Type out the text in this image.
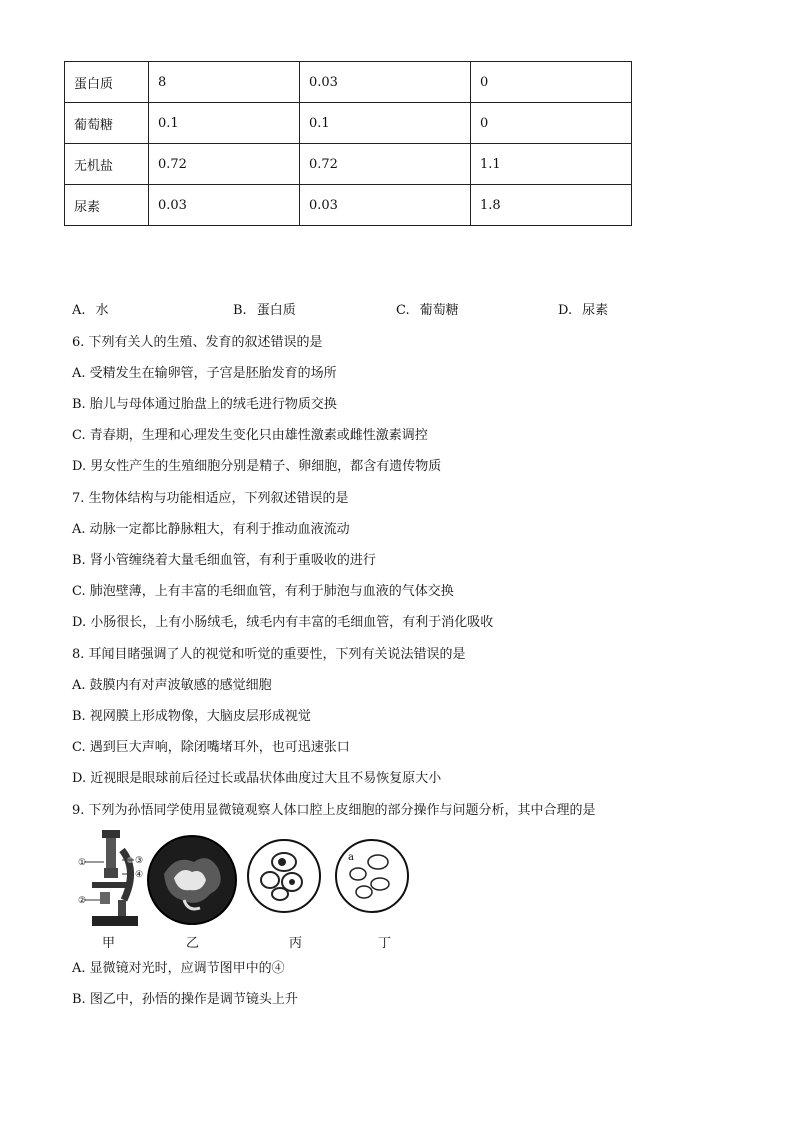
蛋白质	8	0.03	0
葡萄糖	0.1	0.1	0
无机盐	0.72	0.72	1.1
尿素	0.03	0.03	1.8
A. 水	B. 蛋白质	C. 葡萄糖	D. 尿素
6. 下列有关人的生殖、发育的叙述错误的是
A. 受精发生在输卵管，子宫是胚胎发育的场所
B. 胎儿与母体通过胎盘上的绒毛进行物质交换
C. 青春期，生理和心理发生变化只由雄性激素或雌性激素调控
D. 男女性产生的生殖细胞分别是精子、卵细胞，都含有遗传物质
7. 生物体结构与功能相适应，下列叙述错误的是
A. 动脉一定都比静脉粗大，有利于推动血液流动
B. 肾小管缠绕着大量毛细血管，有利于重吸收的进行
C. 肺泡壁薄，上有丰富的毛细血管，有利于肺泡与血液的气体交换
D. 小肠很长，上有小肠绒毛，绒毛内有丰富的毛细血管，有利于消化吸收
8. 耳闻目睹强调了人的视觉和听觉的重要性，下列有关说法错误的是
A. 鼓膜内有对声波敏感的感觉细胞
B. 视网膜上形成物像，大脑皮层形成视觉
C. 遇到巨大声响，除闭嘴堵耳外，也可迅速张口
D. 近视眼是眼球前后径过长或晶状体曲度过大且不易恢复原大小
9. 下列为孙悟同学使用显微镜观察人体口腔上皮细胞的部分操作与问题分析，其中合理的是
①
②
③
④
a
甲	乙	丙	丁
A. 显微镜对光时，应调节图甲中的④
B. 图乙中，孙悟的操作是调节镜头上升
